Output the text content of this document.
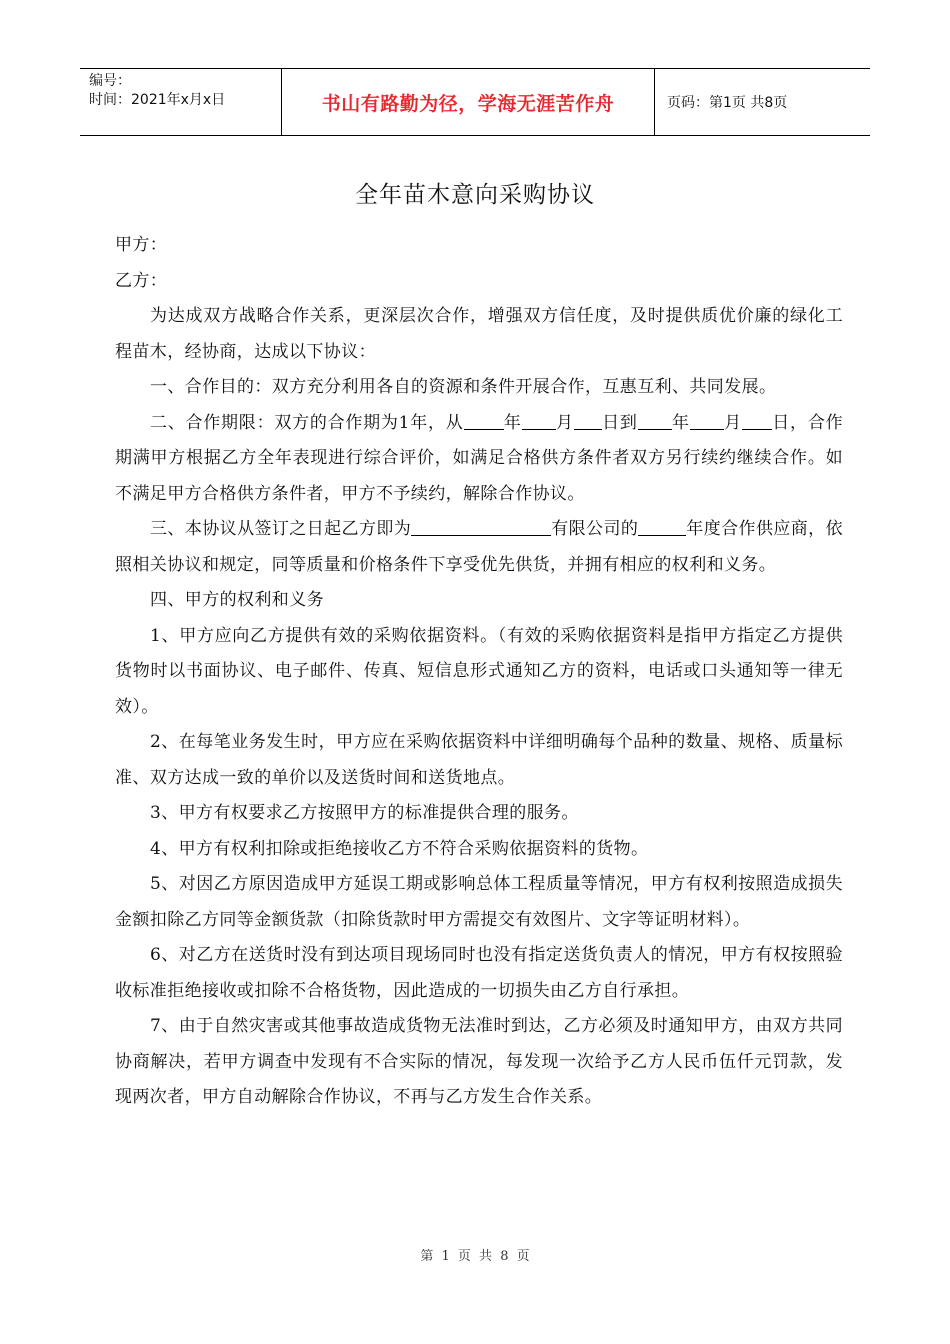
编号：
时间：2021年x月x日	书山有路勤为径，学海无涯苦作舟	页码：第1页 共8页
全年苗木意向采购协议

甲方：

乙方：

为达成双方战略合作关系，更深层次合作，增强双方信任度，及时提供质优价廉的绿化工程苗木，经协商，达成以下协议：

一、合作目的：双方充分利用各自的资源和条件开展合作，互惠互利、共同发展。

二、合作期限：双方的合作期为1年，从 年 月 日到 年 月 日，合作期满甲方根据乙方全年表现进行综合评价，如满足合格供方条件者双方另行续约继续合作。如不满足甲方合格供方条件者，甲方不予续约，解除合作协议。

三、本协议从签订之日起乙方即为	有限公司的	年度合作供应商，依照相关协议和规定，同等质量和价格条件下享受优先供货，并拥有相应的权利和义务。

四、甲方的权利和义务

1、甲方应向乙方提供有效的采购依据资料。（有效的采购依据资料是指甲方指定乙方提供货物时以书面协议、电子邮件、传真、短信息形式通知乙方的资料，电话或口头通知等一律无效）。

2、在每笔业务发生时，甲方应在采购依据资料中详细明确每个品种的数量、规格、质量标准、双方达成一致的单价以及送货时间和送货地点。

3、甲方有权要求乙方按照甲方的标准提供合理的服务。

4、甲方有权利扣除或拒绝接收乙方不符合采购依据资料的货物。

5、对因乙方原因造成甲方延误工期或影响总体工程质量等情况，甲方有权利按照造成损失金额扣除乙方同等金额货款（扣除货款时甲方需提交有效图片、文字等证明材料）。

6、对乙方在送货时没有到达项目现场同时也没有指定送货负责人的情况，甲方有权按照验收标准拒绝接收或扣除不合格货物，因此造成的一切损失由乙方自行承担。

7、由于自然灾害或其他事故造成货物无法准时到达，乙方必须及时通知甲方，由双方共同协商解决，若甲方调查中发现有不合实际的情况，每发现一次给予乙方人民币伍仟元罚款，发现两次者，甲方自动解除合作协议，不再与乙方发生合作关系。

第 1 页 共 8 页
